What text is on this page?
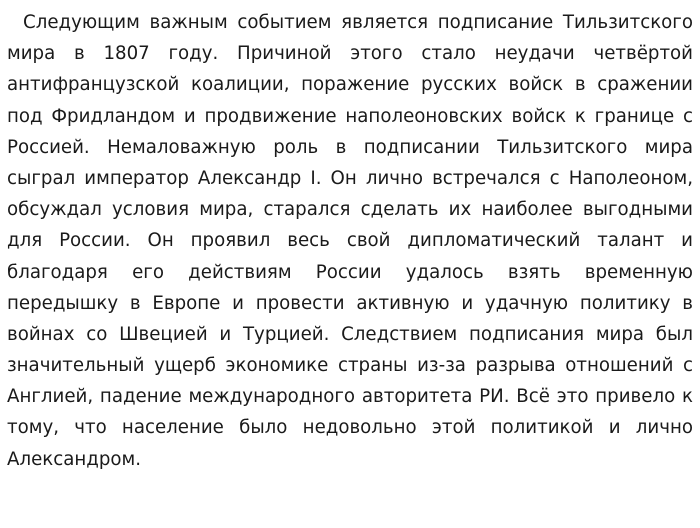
Следующим важным событием является подписание Тильзитского
мира в 1807 году. Причиной этого стало неудачи четвёртой
антифранцузской коалиции, поражение русских войск в сражении
под Фридландом и продвижение наполеоновских войск к границе с
Россией. Немаловажную роль в подписании Тильзитского мира
сыграл император Александр I. Он лично встречался с Наполеоном,
обсуждал условия мира, старался сделать их наиболее выгодными
для России. Он проявил весь свой дипломатический талант и
благодаря его действиям России удалось взять временную
передышку в Европе и провести активную и удачную политику в
войнах со Швецией и Турцией. Следствием подписания мира был
значительный ущерб экономике страны из-за разрыва отношений с
Англией, падение международного авторитета РИ. Всё это привело к
тому, что население было недовольно этой политикой и лично
Александром.
